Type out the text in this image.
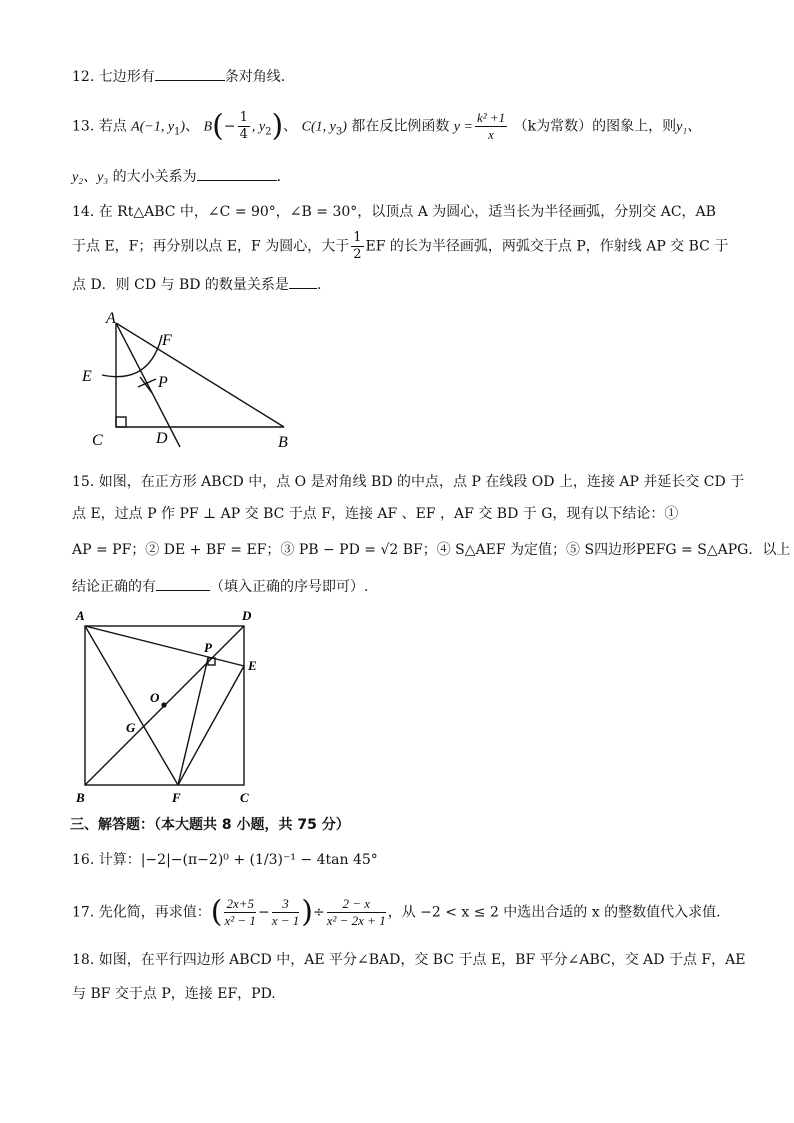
12. 七边形有	条对角线.
13. 若点 A(−1, $y_1$)、 $B(- \frac{1}{4}$ , $y_2$)、 C(1, $y_3$) 都在反比例函数 $y = \frac{\text{k² +1}}{x} (k$为常数）的图象上，则y₁、
y₂、y₃ 的大小关系为	.
14. 在 Rt△ABC 中，∠C = 90°，∠B = 30°，以顶点 A 为圆心，适当长为半径画弧，分别交 AC，AB
于点 E，F；再分别以点 E，F 为圆心，大于 $\frac{1}{2}$ EF 的长为半径画弧，两弧交于点 P，作射线 AP 交 BC 于
点 D．则 CD 与 BD 的数量关系是 .
A
F
E	P
C	D	B
15. 如图，在正方形 ABCD 中，点 O 是对角线 BD 的中点，点 P 在线段 OD 上，连接 AP 并延长交 CD 于
点 E，过点 P 作 PF ⊥ AP 交 BC 于点 F，连接 AF 、EF ，AF 交 BD 于 G，现有以下结论：①
AP = PF；② DE + BF = EF；③ PB − PD = √2 BF；④ S△AEF 为定值；⑤ S四边形PEFG = S△APG．以上
结论正确的有	（填入正确的序号即可）.
A	D
P
E
O
G
B	F	C
三、解答题：（本大题共 8 小题，共 75 分）
16. 计算：|−2|−(π−2)⁰ + (1/3)⁻¹ − 4tan 45°
17. 先化简，再求值：( $\frac{2x+5}{\text{x² − 1}} - \frac{3}{x - 1}$ )÷ $\frac{2 - x}{\text{x² − 2x + 1}}$ ，从 −2 < x ≤ 2 中选出合适的 x 的整数值代入求值.
18. 如图，在平行四边形 ABCD 中，AE 平分∠BAD，交 BC 于点 E，BF 平分∠ABC，交 AD 于点 F，AE
与 BF 交于点 P，连接 EF，PD.
